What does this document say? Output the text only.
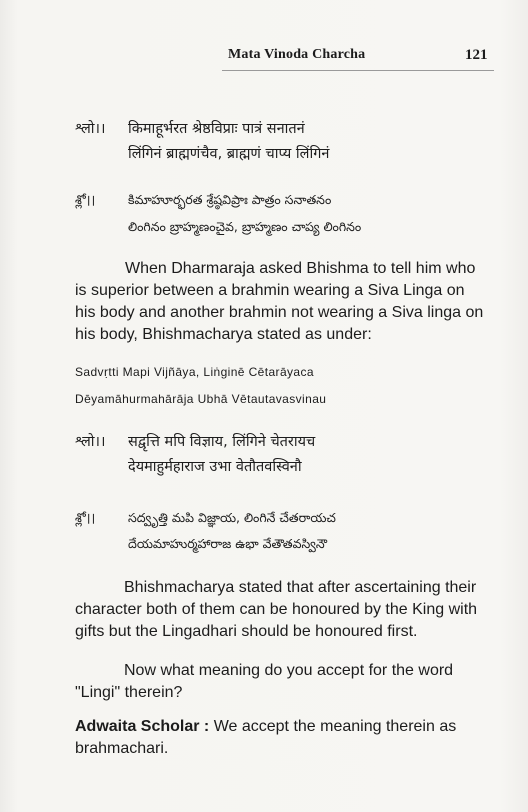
Mata Vinoda Charcha	121
श्लो।। किमाहूर्भरत श्रेष्ठविप्राः पात्रं सनातनं
लिंगिनं ब्राह्मणंचैव, ब्राह्मणं चाप्य लिंगिनं
శ్లో।।	కిమాహూర్భరత శ్రేష్ఠవిప్రాః పాత్రం సనాతనం
లింగినం బ్రాహ్మణంచైవ, బ్రాహ్మణం చాప్య లింగినం
When Dharmaraja asked Bhishma to tell him who
is superior between a brahmin wearing a Siva Linga on
his body and another brahmin not wearing a Siva linga on
his body, Bhishmacharya stated as under:
Sadvṛtti Mapi Vijñāya, Liṅginē Cētarāyaca
Dēyamāhurmahārāja Ubhā Vētautavasvinau
श्लो।। सद्वृत्ति मपि विज्ञाय, लिंगिने चेतरायच
देयमाहुर्महाराज उभा वेतौतवस्विनौ
శ్లో।।	సద్వృత్తి మపి విజ్ఞాయ, లింగినే చేతరాయచ
దేయమాహుర్మహారాజ ఉభా వేతౌతవస్వినౌ
Bhishmacharya stated that after ascertaining their
character both of them can be honoured by the King with
gifts but the Lingadhari should be honoured first.
Now what meaning do you accept for the word
"Lingi" therein?
Adwaita Scholar : We accept the meaning therein as
brahmachari.
